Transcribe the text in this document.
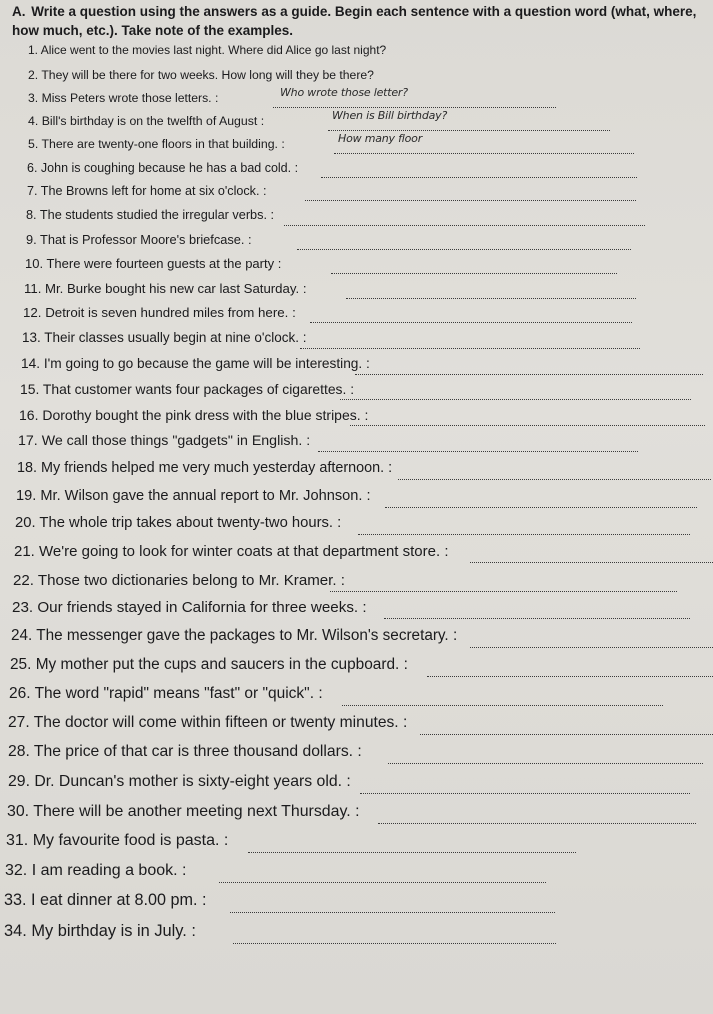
A. Write a question using the answers as a guide. Begin each sentence with a question word (what, where, how much, etc.). Take note of the examples.
1. Alice went to the movies last night. Where did Alice go last night?
2. They will be there for two weeks. How long will they be there?
3. Miss Peters wrote those letters. :	Who wrote those letter?
4. Bill's birthday is on the twelfth of August :	When is Bill birthday?
5. There are twenty-one floors in that building. :	How many floor
6. John is coughing because he has a bad cold. :
7. The Browns left for home at six o'clock. :
8. The students studied the irregular verbs. :
9. That is Professor Moore's briefcase. :
10. There were fourteen guests at the party :
11. Mr. Burke bought his new car last Saturday. :
12. Detroit is seven hundred miles from here. :
13. Their classes usually begin at nine o'clock. :
14. I'm going to go because the game will be interesting. :
15. That customer wants four packages of cigarettes. :
16. Dorothy bought the pink dress with the blue stripes. :
17. We call those things "gadgets" in English. :
18. My friends helped me very much yesterday afternoon. :
19. Mr. Wilson gave the annual report to Mr. Johnson. :
20. The whole trip takes about twenty-two hours. :
21. We're going to look for winter coats at that department store. :
22. Those two dictionaries belong to Mr. Kramer. :
23. Our friends stayed in California for three weeks. :
24. The messenger gave the packages to Mr. Wilson's secretary. :
25. My mother put the cups and saucers in the cupboard. :
26. The word "rapid" means "fast" or "quick". :
27. The doctor will come within fifteen or twenty minutes. :
28. The price of that car is three thousand dollars. :
29. Dr. Duncan's mother is sixty-eight years old. :
30. There will be another meeting next Thursday. :
31. My favourite food is pasta. :
32. I am reading a book. :
33. I eat dinner at 8.00 pm. :
34. My birthday is in July. :
